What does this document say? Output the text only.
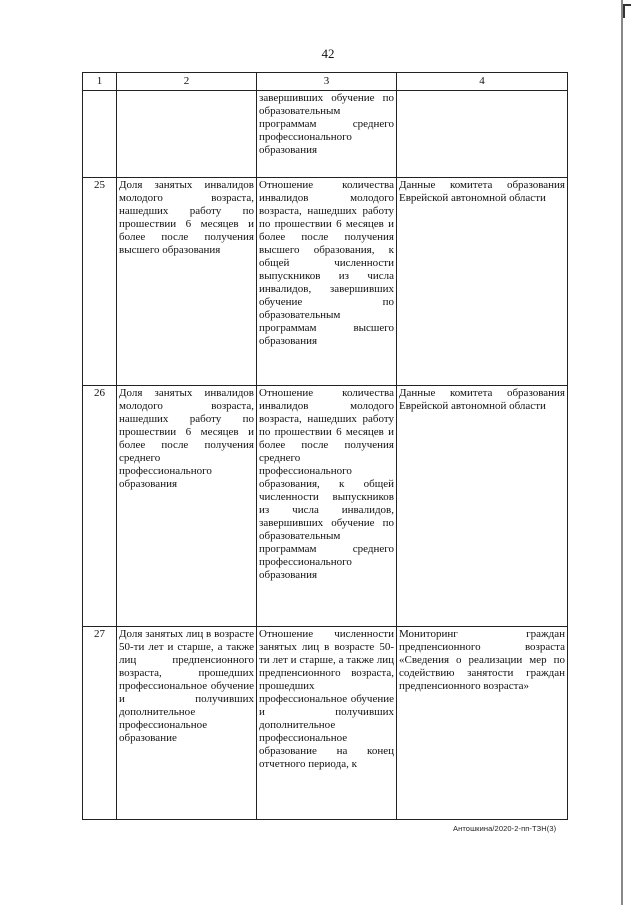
42
1	2	3	4
		завершивших обучение по образовательным программам среднего профессионального образования	
25	Доля занятых инвалидов молодого возраста, нашедших работу по прошествии 6 месяцев и более после получения высшего образования	Отношение количества инвалидов молодого возраста, нашедших работу по прошествии 6 месяцев и более после получения высшего образования, к общей численности выпускников из числа инвалидов, завершивших обучение по образовательным программам высшего образования	Данные комитета образования Еврейской автономной области
26	Доля занятых инвалидов молодого возраста, нашедших работу по прошествии 6 месяцев и более после получения среднего профессионального образования	Отношение количества инвалидов молодого возраста, нашедших работу по прошествии 6 месяцев и более после получения среднего профессионального образования, к общей численности выпускников из числа инвалидов, завершивших обучение по образовательным программам среднего профессионального образования	Данные комитета образования Еврейской автономной области
27	Доля занятых лиц в возрасте 50-ти лет и старше, а также лиц предпенсионного возраста, прошедших профессиональное обучение и получивших дополнительное профессиональное образование	Отношение численности занятых лиц в возрасте 50-ти лет и старше, а также лиц предпенсионного возраста, прошедших профессиональное обучение и получивших дополнительное профессиональное образование на конец отчетного периода, к	Мониторинг граждан предпенсионного возраста «Сведения о реализации мер по содействию занятости граждан предпенсионного возраста»
Антошкина/2020-2-пп-ТЗН(3)
